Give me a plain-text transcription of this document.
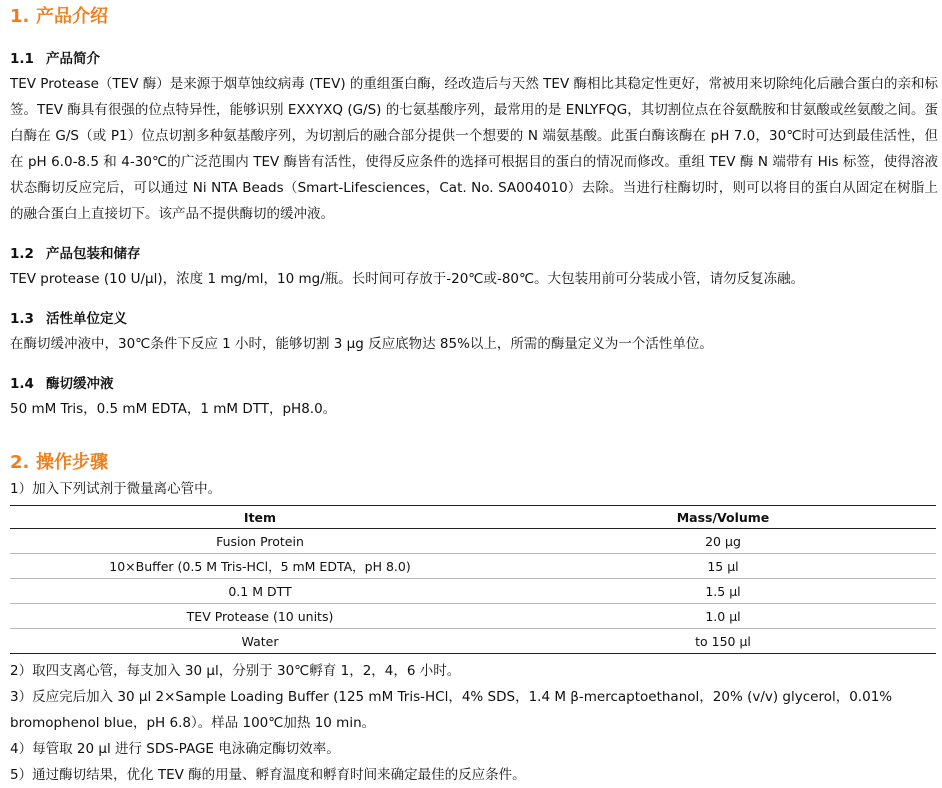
1. 产品介绍
1.1 产品简介
TEV Protease（TEV 酶）是来源于烟草蚀纹病毒 (TEV) 的重组蛋白酶，经改造后与天然 TEV 酶相比其稳定性更好，常被用来切除纯化后融合蛋白的亲和标签。TEV 酶具有很强的位点特异性，能够识别 EXXYXQ (G/S) 的七氨基酸序列，最常用的是 ENLYFQG，其切割位点在谷氨酰胺和甘氨酸或丝氨酸之间。蛋白酶在 G/S（或 P1）位点切割多种氨基酸序列，为切割后的融合部分提供一个想要的 N 端氨基酸。此蛋白酶该酶在 pH 7.0，30℃时可达到最佳活性，但在 pH 6.0-8.5 和 4-30℃的广泛范围内 TEV 酶皆有活性，使得反应条件的选择可根据目的蛋白的情况而修改。重组 TEV 酶 N 端带有 His 标签，使得溶液状态酶切反应完后，可以通过 Ni NTA Beads（Smart-Lifesciences，Cat. No. SA004010）去除。当进行柱酶切时，则可以将目的蛋白从固定在树脂上的融合蛋白上直接切下。该产品不提供酶切的缓冲液。
1.2 产品包装和储存
TEV protease (10 U/μl)，浓度 1 mg/ml，10 mg/瓶。长时间可存放于-20℃或-80℃。大包装用前可分装成小管，请勿反复冻融。
1.3 活性单位定义
在酶切缓冲液中，30℃条件下反应 1 小时，能够切割 3 μg 反应底物达 85%以上，所需的酶量定义为一个活性单位。
1.4 酶切缓冲液
50 mM Tris，0.5 mM EDTA，1 mM DTT，pH8.0。
2. 操作步骤
1）加入下列试剂于微量离心管中。
Item	Mass/Volume
Fusion Protein	20 μg
10×Buffer (0.5 M Tris-HCl，5 mM EDTA，pH 8.0)	15 μl
0.1 M DTT	1.5 μl
TEV Protease (10 units)	1.0 μl
Water	to 150 μl
2）取四支离心管，每支加入 30 μl，分别于 30℃孵育 1，2，4，6 小时。
3）反应完后加入 30 μl 2×Sample Loading Buffer (125 mM Tris-HCl，4% SDS，1.4 M β-mercaptoethanol，20% (v/v) glycerol，0.01% bromophenol blue，pH 6.8）。样品 100℃加热 10 min。
4）每管取 20 μl 进行 SDS-PAGE 电泳确定酶切效率。
5）通过酶切结果，优化 TEV 酶的用量、孵育温度和孵育时间来确定最佳的反应条件。
